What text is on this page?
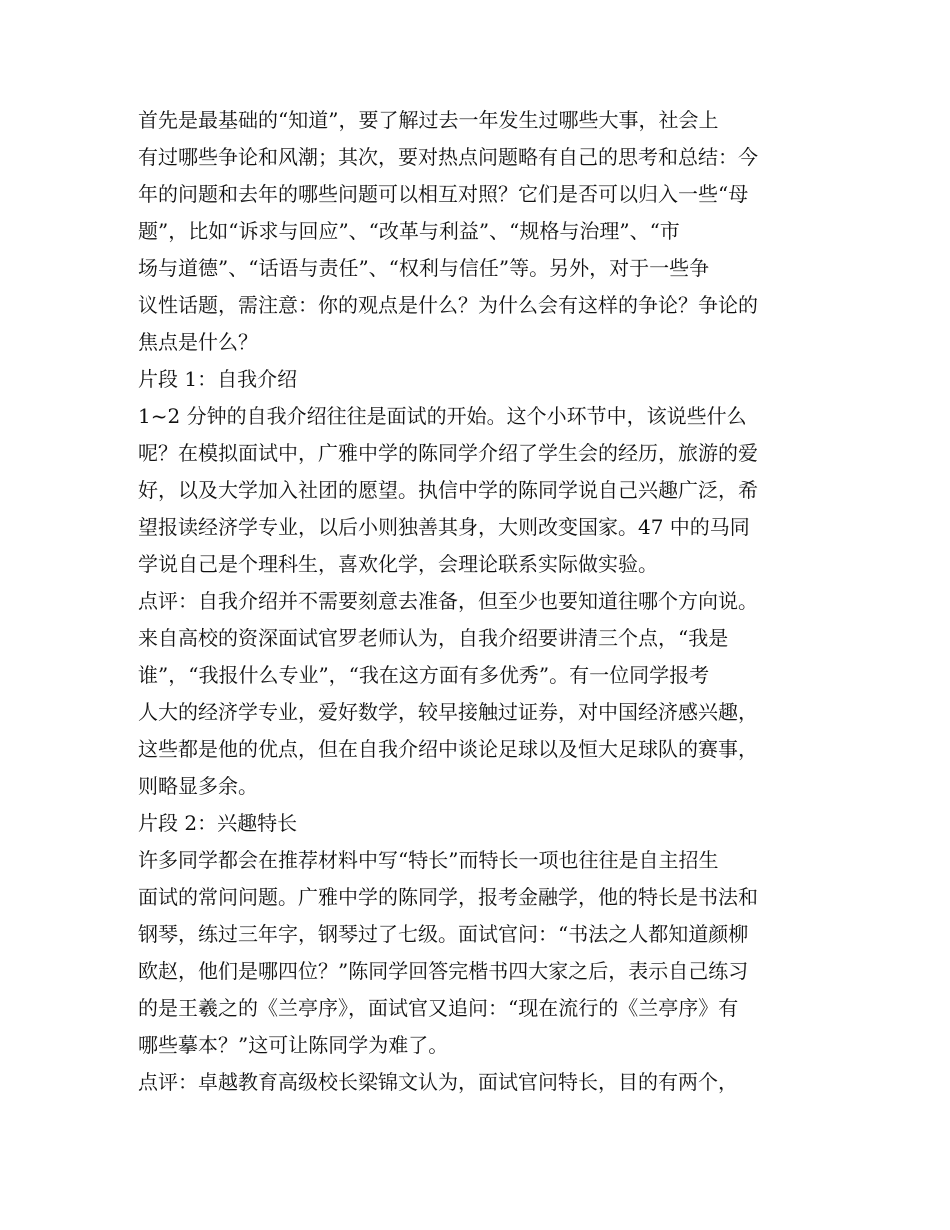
首先是最基础的“知道”，要了解过去一年发生过哪些大事，社会上
有过哪些争论和风潮；其次，要对热点问题略有自己的思考和总结：今
年的问题和去年的哪些问题可以相互对照？它们是否可以归入一些“母
题”，比如“诉求与回应”、“改革与利益”、“规格与治理”、“市
场与道德”、“话语与责任”、“权利与信任”等。另外，对于一些争
议性话题，需注意：你的观点是什么？为什么会有这样的争论？争论的
焦点是什么？
片段 1：自我介绍
1~2 分钟的自我介绍往往是面试的开始。这个小环节中，该说些什么
呢？在模拟面试中，广雅中学的陈同学介绍了学生会的经历，旅游的爱
好，以及大学加入社团的愿望。执信中学的陈同学说自己兴趣广泛，希
望报读经济学专业，以后小则独善其身，大则改变国家。47 中的马同
学说自己是个理科生，喜欢化学，会理论联系实际做实验。
点评：自我介绍并不需要刻意去准备，但至少也要知道往哪个方向说。
来自高校的资深面试官罗老师认为，自我介绍要讲清三个点，“我是
谁”，“我报什么专业”，“我在这方面有多优秀”。有一位同学报考
人大的经济学专业，爱好数学，较早接触过证券，对中国经济感兴趣，
这些都是他的优点，但在自我介绍中谈论足球以及恒大足球队的赛事，
则略显多余。
片段 2：兴趣特长
许多同学都会在推荐材料中写“特长”而特长一项也往往是自主招生
面试的常问问题。广雅中学的陈同学，报考金融学，他的特长是书法和
钢琴，练过三年字，钢琴过了七级。面试官问：“书法之人都知道颜柳
欧赵，他们是哪四位？”陈同学回答完楷书四大家之后，表示自己练习
的是王羲之的《兰亭序》，面试官又追问：“现在流行的《兰亭序》有
哪些摹本？”这可让陈同学为难了。
点评：卓越教育高级校长梁锦文认为，面试官问特长，目的有两个，
